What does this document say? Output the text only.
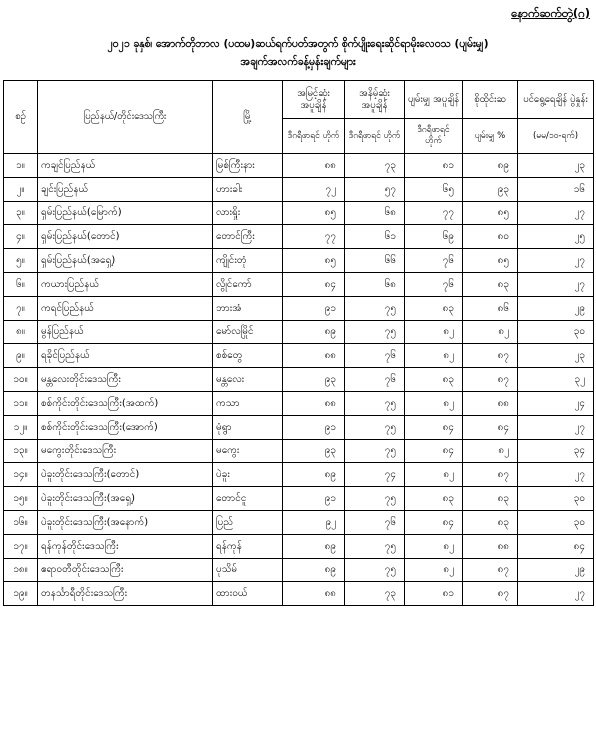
နောက်ဆက်တွဲ(ဂ)
၂၀၂၁ ခုနှစ်၊ အောက်တိုဘာလ (ပထမ)ဆယ်ရက်ပတ်အတွက် စိုက်ပျိုးရေးဆိုင်ရာမိုးလေဝသ (ပျမ်းမျှ)
အချက်အလက်ခန့်မှန်းချက်များ
စဉ်	ပြည်နယ်/တိုင်းဒေသကြီး	မြို့	အမြင့်ဆုံး အပူချိန်	အနိမ့်ဆုံး အပူချိန်	ပျမ်းမျှ အပူချိန်	စိုထိုင်းဆ	ပင်ရွေ့ရေချိန် ပွဲနှုန်း
			ဒီဂရီဖာရင် ဟိုက်	ဒီဂရီဖာရင် ဟိုက်	ဒီဂရီဖာရင် ဟိုက်	ပျမ်းမျှ %	(မမ/၁၀-ရက်)
၁။	ကချင်ပြည်နယ်	မြစ်ကြီးနား	၈၈	၇၃	၈၁	၈၉	၂၃
၂။	ချင်းပြည်နယ်	ဟားခါး	၇၂	၅၇	၆၅	၉၃	၁၆
၃။	ရှမ်းပြည်နယ်(မြောက်)	လားရှိုး	၈၅	၆၈	၇၇	၈၅	၂၇
၄။	ရှမ်းပြည်နယ်(တောင်)	တောင်ကြီး	၇၇	၆၁	၆၉	၈၀	၂၅
၅။	ရှမ်းပြည်နယ်(အရှေ့)	ကျိုင်းတုံ	၈၅	၆၆	၇၆	၈၅	၂၇
၆။	ကယားပြည်နယ်	လွိုင်ကော်	၈၄	၆၈	၇၆	၈၃	၂၇
၇။	ကရင်ပြည်နယ်	ဘားအံ	၉၁	၇၅	၈၃	၈၆	၂၉
၈။	မွန်ပြည်နယ်	မော်လမြိုင်	၈၉	၇၅	၈၂	၈၂	၃၀
၉။	ရခိုင်ပြည်နယ်	စစ်တွေ	၈၈	၇၆	၈၂	၈၇	၂၃
၁၀။	မန္တလေးတိုင်းဒေသကြီး	မန္တလေး	၉၃	၇၆	၈၃	၈၇	၃၂
၁၁။	စစ်ကိုင်းတိုင်းဒေသကြီး(အထက်)	ကသာ	၈၈	၇၅	၈၂	၈၈	၂၄
၁၂။	စစ်ကိုင်းတိုင်းဒေသကြီး(အောက်)	မုံရွာ	၉၁	၇၅	၈၄	၈၄	၂၇
၁၃။	မကွေးတိုင်းဒေသကြီး	မကွေး	၉၃	၇၅	၈၄	၈၂	၃၄
၁၄။	ပဲခူးတိုင်းဒေသကြီး(တောင်)	ပဲခူး	၈၉	၇၄	၈၂	၈၇	၂၇
၁၅။	ပဲခူးတိုင်းဒေသကြီး(အရှေ့)	တောင်ငူ	၉၁	၇၅	၈၃	၈၃	၃၀
၁၆။	ပဲခူးတိုင်းဒေသကြီး(အနောက်)	ပြည်	၉၂	၇၆	၈၄	၈၃	၃၀
၁၇။	ရန်ကုန်တိုင်းဒေသကြီး	ရန်ကုန်	၈၉	၇၅	၈၂	၈၈	၈၄
၁၈။	ဧရာဝတီတိုင်းဒေသကြီး	ပုသိမ်	၈၉	၇၅	၈၂	၈၇	၂၉
၁၉။	တနင်္သာရီတိုင်းဒေသကြီး	ထားဝယ်	၈၈	၇၃	၈၁	၈၇	၂၇
